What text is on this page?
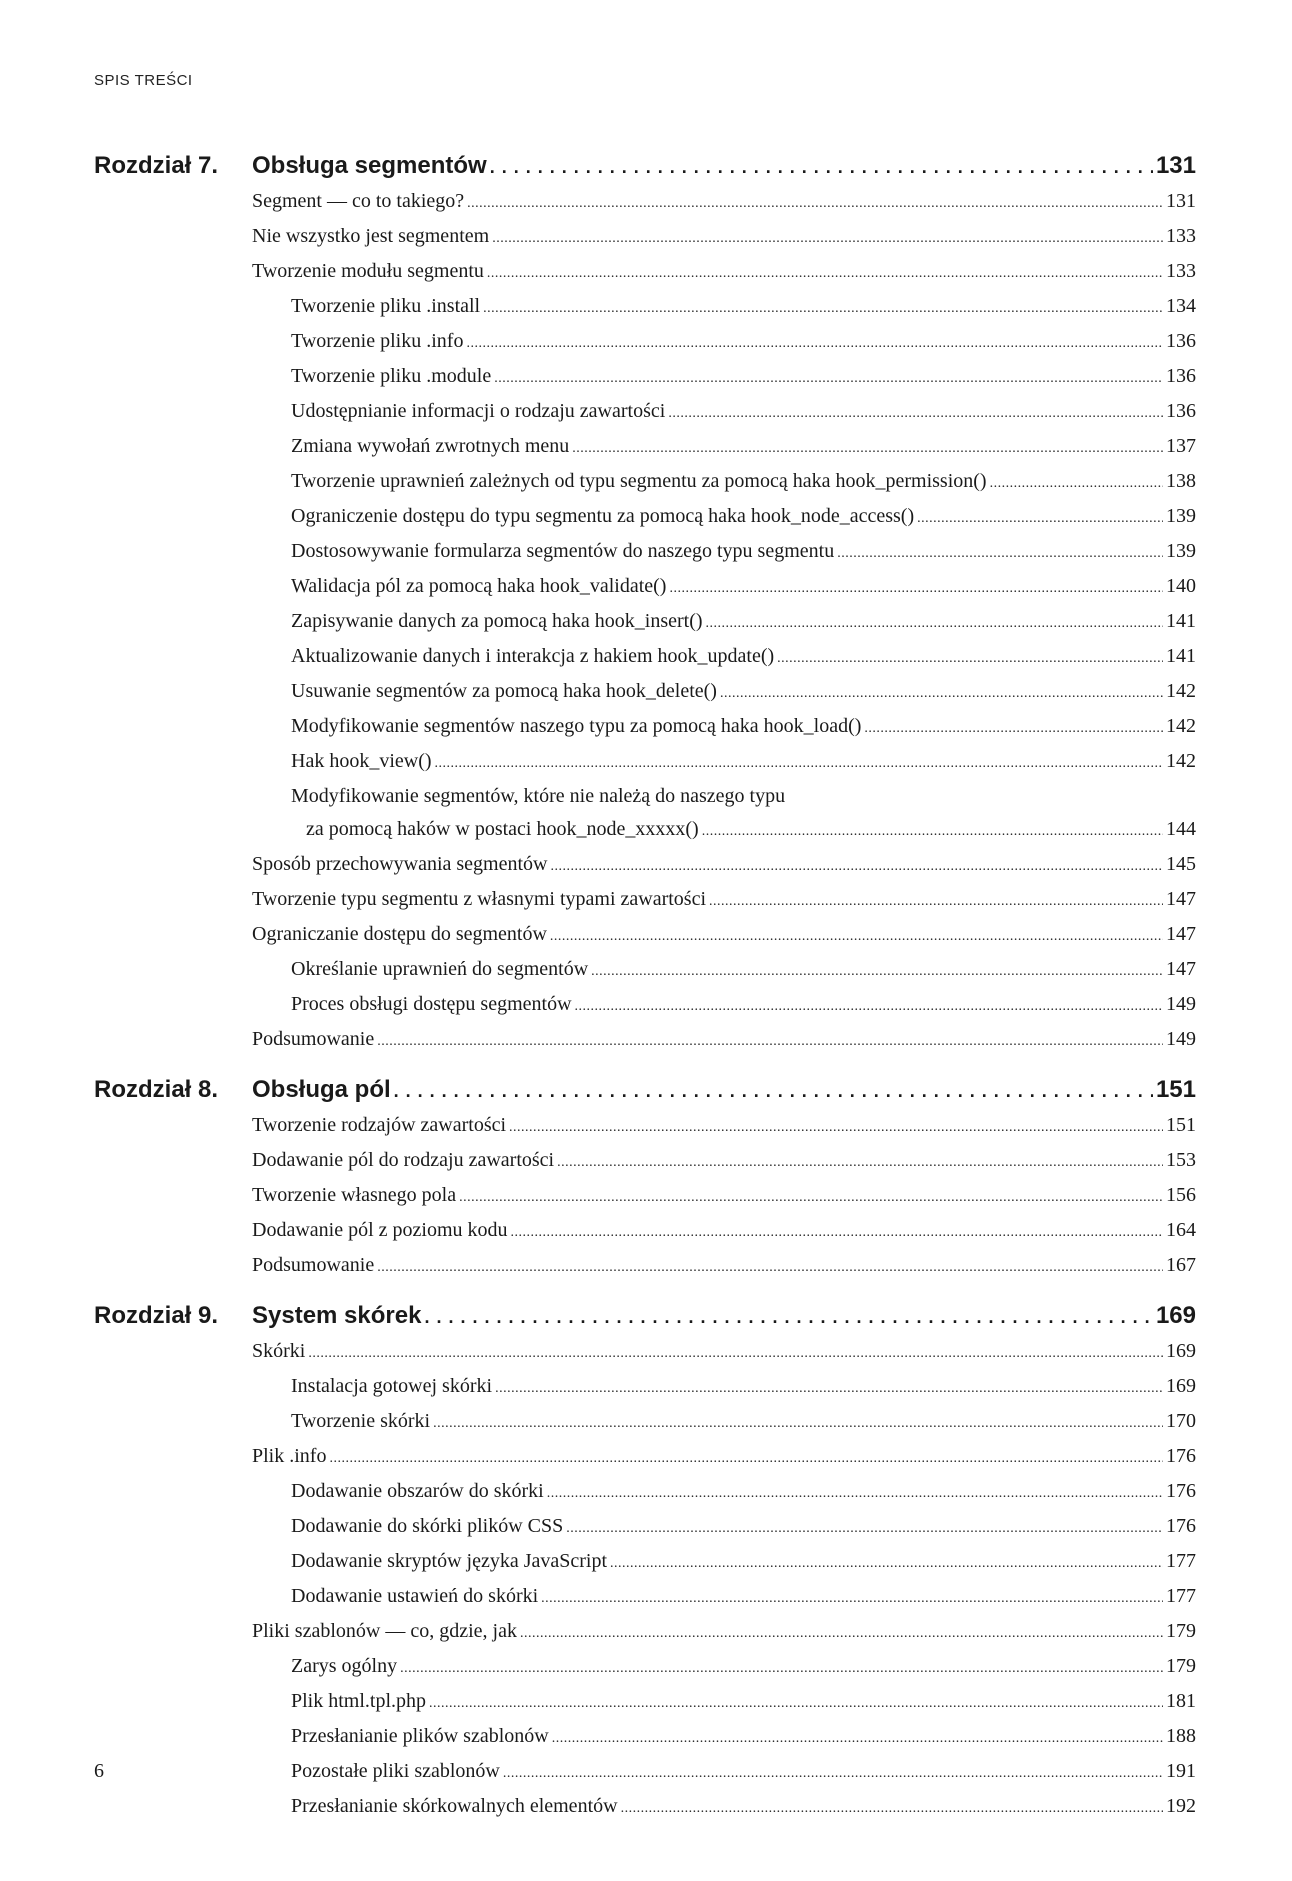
SPIS TREŚCI
Rozdział 7. Obsługa segmentów . . .	131
Segment — co to takiego? . . .	131
Nie wszystko jest segmentem . . .	133
Tworzenie modułu segmentu . . .	133
Tworzenie pliku .install . . .	134
Tworzenie pliku .info . . .	136
Tworzenie pliku .module . . .	136
Udostępnianie informacji o rodzaju zawartości . . .	136
Zmiana wywołań zwrotnych menu . . .	137
Tworzenie uprawnień zależnych od typu segmentu za pomocą haka hook_permission() . . .	138
Ograniczenie dostępu do typu segmentu za pomocą haka hook_node_access() . . .	139
Dostosowywanie formularza segmentów do naszego typu segmentu . . .	139
Walidacja pól za pomocą haka hook_validate() . . .	140
Zapisywanie danych za pomocą haka hook_insert() . . .	141
Aktualizowanie danych i interakcja z hakiem hook_update() . . .	141
Usuwanie segmentów za pomocą haka hook_delete() . . .	142
Modyfikowanie segmentów naszego typu za pomocą haka hook_load() . . .	142
Hak hook_view() . . .	142
Modyfikowanie segmentów, które nie należą do naszego typu
za pomocą haków w postaci hook_node_xxxxx() . . .	144
Sposób przechowywania segmentów . . .	145
Tworzenie typu segmentu z własnymi typami zawartości . . .	147
Ograniczanie dostępu do segmentów . . .	147
Określanie uprawnień do segmentów . . .	147
Proces obsługi dostępu segmentów . . .	149
Podsumowanie . . .	149
Rozdział 8. Obsługa pól . . .	151
Tworzenie rodzajów zawartości . . .	151
Dodawanie pól do rodzaju zawartości . . .	153
Tworzenie własnego pola . . .	156
Dodawanie pól z poziomu kodu . . .	164
Podsumowanie . . .	167
Rozdział 9. System skórek . . .	169
Skórki . . .	169
Instalacja gotowej skórki . . .	169
Tworzenie skórki . . .	170
Plik .info . . .	176
Dodawanie obszarów do skórki . . .	176
Dodawanie do skórki plików CSS . . .	176
Dodawanie skryptów języka JavaScript . . .	177
Dodawanie ustawień do skórki . . .	177
Pliki szablonów — co, gdzie, jak . . .	179
Zarys ogólny . . .	179
Plik html.tpl.php . . .	181
Przesłanianie plików szablonów . . .	188
Pozostałe pliki szablonów . . .	191
Przesłanianie skórkowalnych elementów . . .	192
6
